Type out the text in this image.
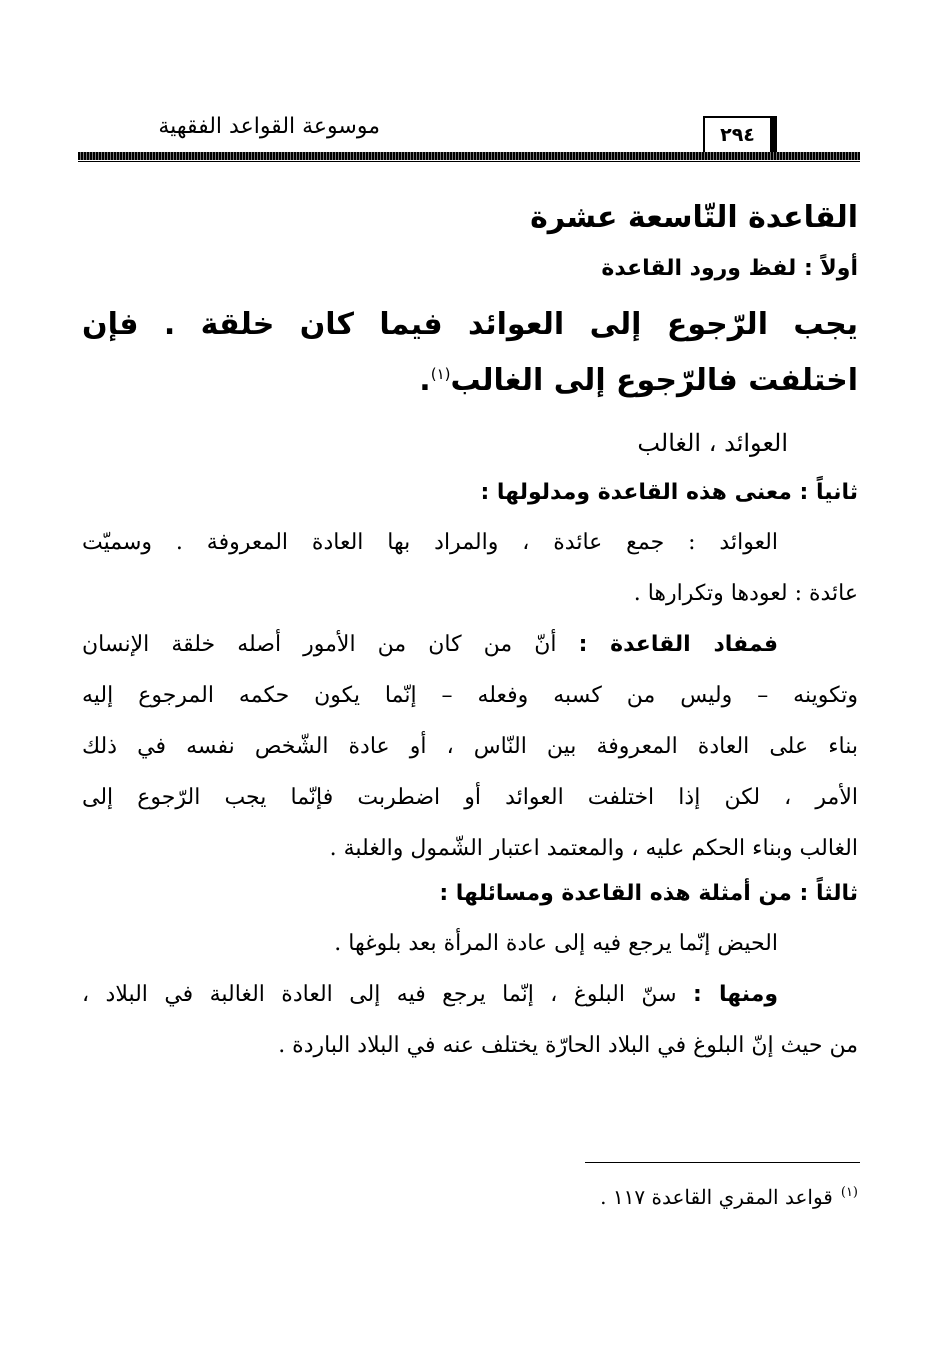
موسوعة القواعد الفقهية	٢٩٤
القاعدة التّاسعة عشرة
أولاً : لفظ ورود القاعدة
يجب الرّجوع إلى العوائد فيما كان خلقة . فإن
اختلفت فالرّجوع إلى الغالب$^{(١)}$.
العوائد ، الغالب
ثانياً : معنى هذه القاعدة ومدلولها :
العوائد : جمع عائدة ، والمراد بها العادة المعروفة . وسميّت
عائدة : لعودها وتكرارها .
فمفاد القاعدة : أنّ من كان من الأمور أصله خلقة الإنسان
وتكوينه – وليس من كسبه وفعله – إنّما يكون حكمه المرجوع إليه
بناء على العادة المعروفة بين النّاس ، أو عادة الشّخص نفسه في ذلك
الأمر ، لكن إذا اختلفت العوائد أو اضطربت فإنّما يجب الرّجوع إلى
الغالب وبناء الحكم عليه ، والمعتمد اعتبار الشّمول والغلبة .
ثالثاً : من أمثلة هذه القاعدة ومسائلها :
الحيض إنّما يرجع فيه إلى عادة المرأة بعد بلوغها .
ومنها : سنّ البلوغ ، إنّما يرجع فيه إلى العادة الغالبة في البلاد ،
من حيث إنّ البلوغ في البلاد الحارّة يختلف عنه في البلاد الباردة .
$^{(١)}$قواعد المقري القاعدة ١١٧ .
